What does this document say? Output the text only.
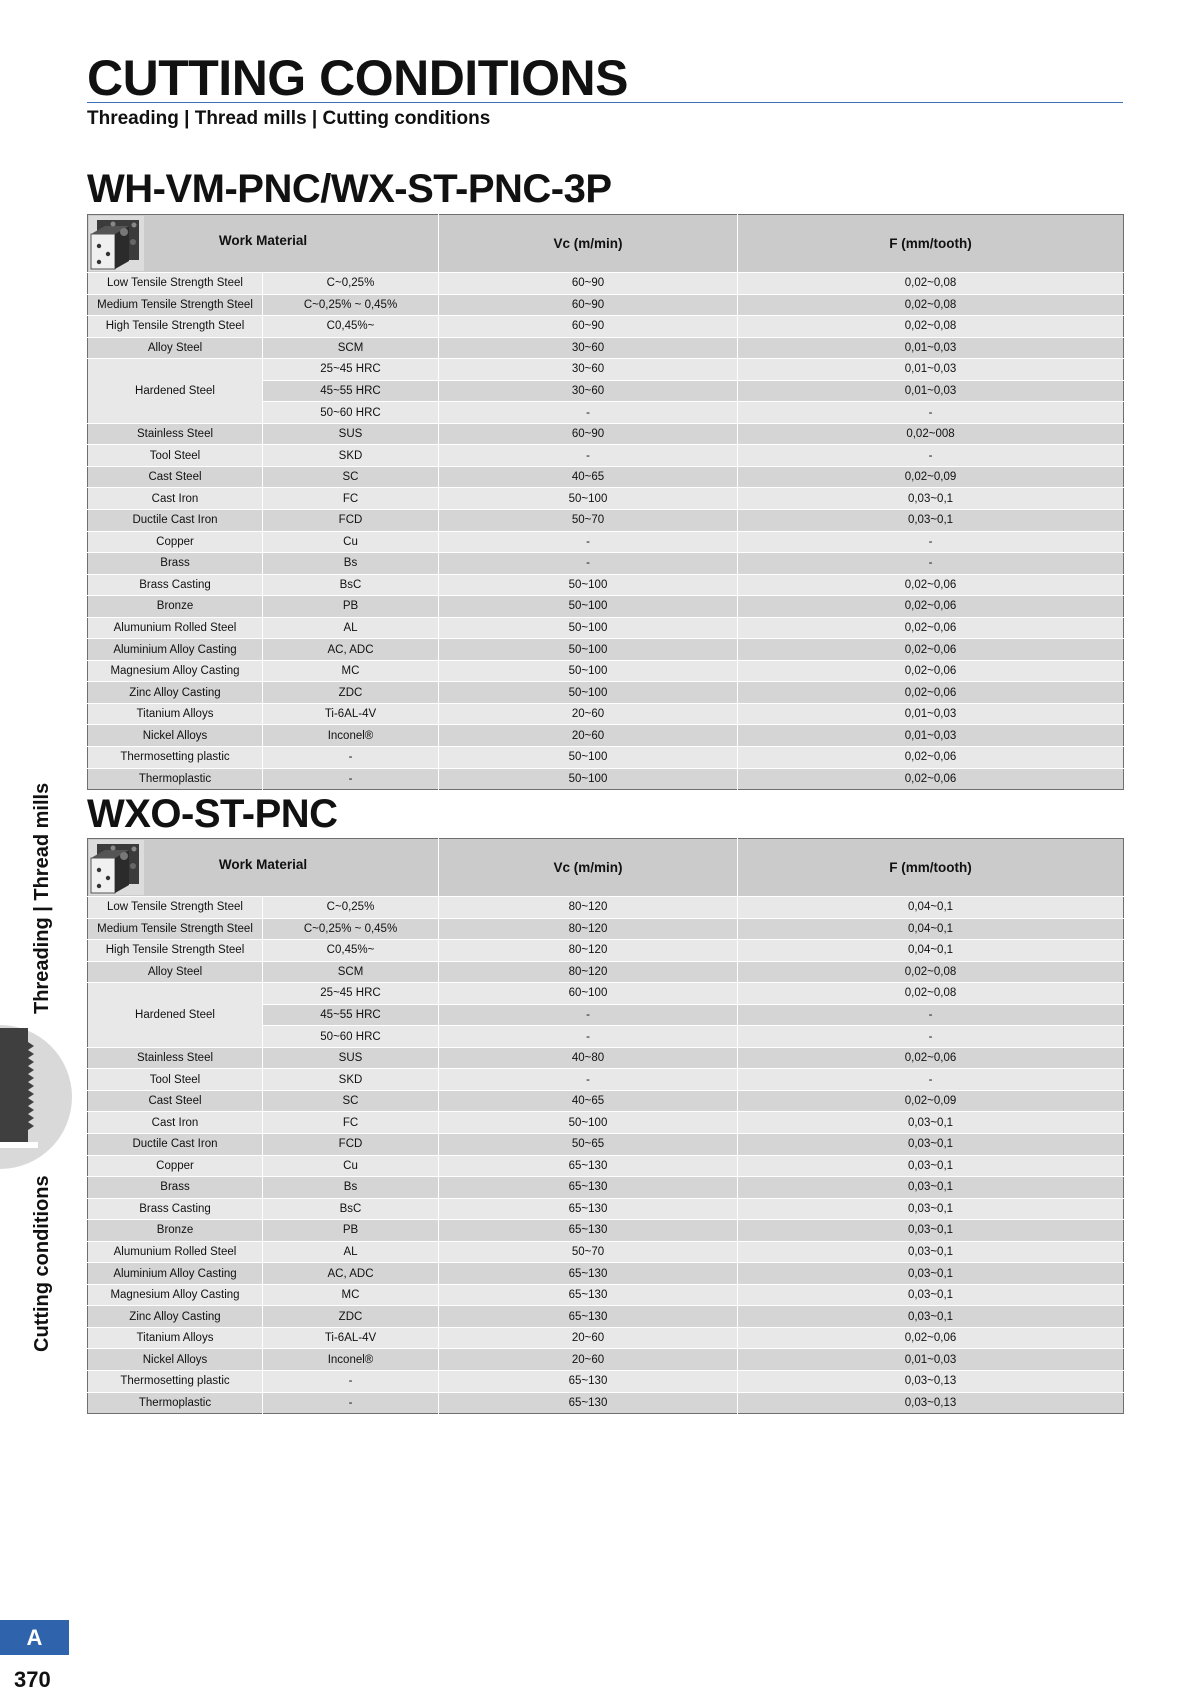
CUTTING CONDITIONS
Threading | Thread mills | Cutting conditions
WH-VM-PNC/WX-ST-PNC-3P
Work Material		Vc (m/min)	F (mm/tooth)
Low Tensile Strength Steel	C~0,25%	60~90	0,02~0,08
Medium Tensile Strength Steel	C~0,25% ~ 0,45%	60~90	0,02~0,08
High Tensile Strength Steel	C0,45%~	60~90	0,02~0,08
Alloy Steel	SCM	30~60	0,01~0,03
Hardened Steel	25~45 HRC	30~60	0,01~0,03
	45~55 HRC	30~60	0,01~0,03
	50~60 HRC	-	-
Stainless Steel	SUS	60~90	0,02~008
Tool Steel	SKD	-	-
Cast Steel	SC	40~65	0,02~0,09
Cast Iron	FC	50~100	0,03~0,1
Ductile Cast Iron	FCD	50~70	0,03~0,1
Copper	Cu	-	-
Brass	Bs	-	-
Brass Casting	BsC	50~100	0,02~0,06
Bronze	PB	50~100	0,02~0,06
Alumunium Rolled Steel	AL	50~100	0,02~0,06
Aluminium Alloy Casting	AC, ADC	50~100	0,02~0,06
Magnesium Alloy Casting	MC	50~100	0,02~0,06
Zinc Alloy Casting	ZDC	50~100	0,02~0,06
Titanium Alloys	Ti-6AL-4V	20~60	0,01~0,03
Nickel Alloys	Inconel®	20~60	0,01~0,03
Thermosetting plastic	-	50~100	0,02~0,06
Thermoplastic	-	50~100	0,02~0,06
WXO-ST-PNC
Work Material		Vc (m/min)	F (mm/tooth)
Low Tensile Strength Steel	C~0,25%	80~120	0,04~0,1
Medium Tensile Strength Steel	C~0,25% ~ 0,45%	80~120	0,04~0,1
High Tensile Strength Steel	C0,45%~	80~120	0,04~0,1
Alloy Steel	SCM	80~120	0,02~0,08
Hardened Steel	25~45 HRC	60~100	0,02~0,08
	45~55 HRC	-	-
	50~60 HRC	-	-
Stainless Steel	SUS	40~80	0,02~0,06
Tool Steel	SKD	-	-
Cast Steel	SC	40~65	0,02~0,09
Cast Iron	FC	50~100	0,03~0,1
Ductile Cast Iron	FCD	50~65	0,03~0,1
Copper	Cu	65~130	0,03~0,1
Brass	Bs	65~130	0,03~0,1
Brass Casting	BsC	65~130	0,03~0,1
Bronze	PB	65~130	0,03~0,1
Alumunium Rolled Steel	AL	50~70	0,03~0,1
Aluminium Alloy Casting	AC, ADC	65~130	0,03~0,1
Magnesium Alloy Casting	MC	65~130	0,03~0,1
Zinc Alloy Casting	ZDC	65~130	0,03~0,1
Titanium Alloys	Ti-6AL-4V	20~60	0,02~0,06
Nickel Alloys	Inconel®	20~60	0,01~0,03
Thermosetting plastic	-	65~130	0,03~0,13
Thermoplastic	-	65~130	0,03~0,13
Threading | Thread mills
Cutting conditions
A
370
